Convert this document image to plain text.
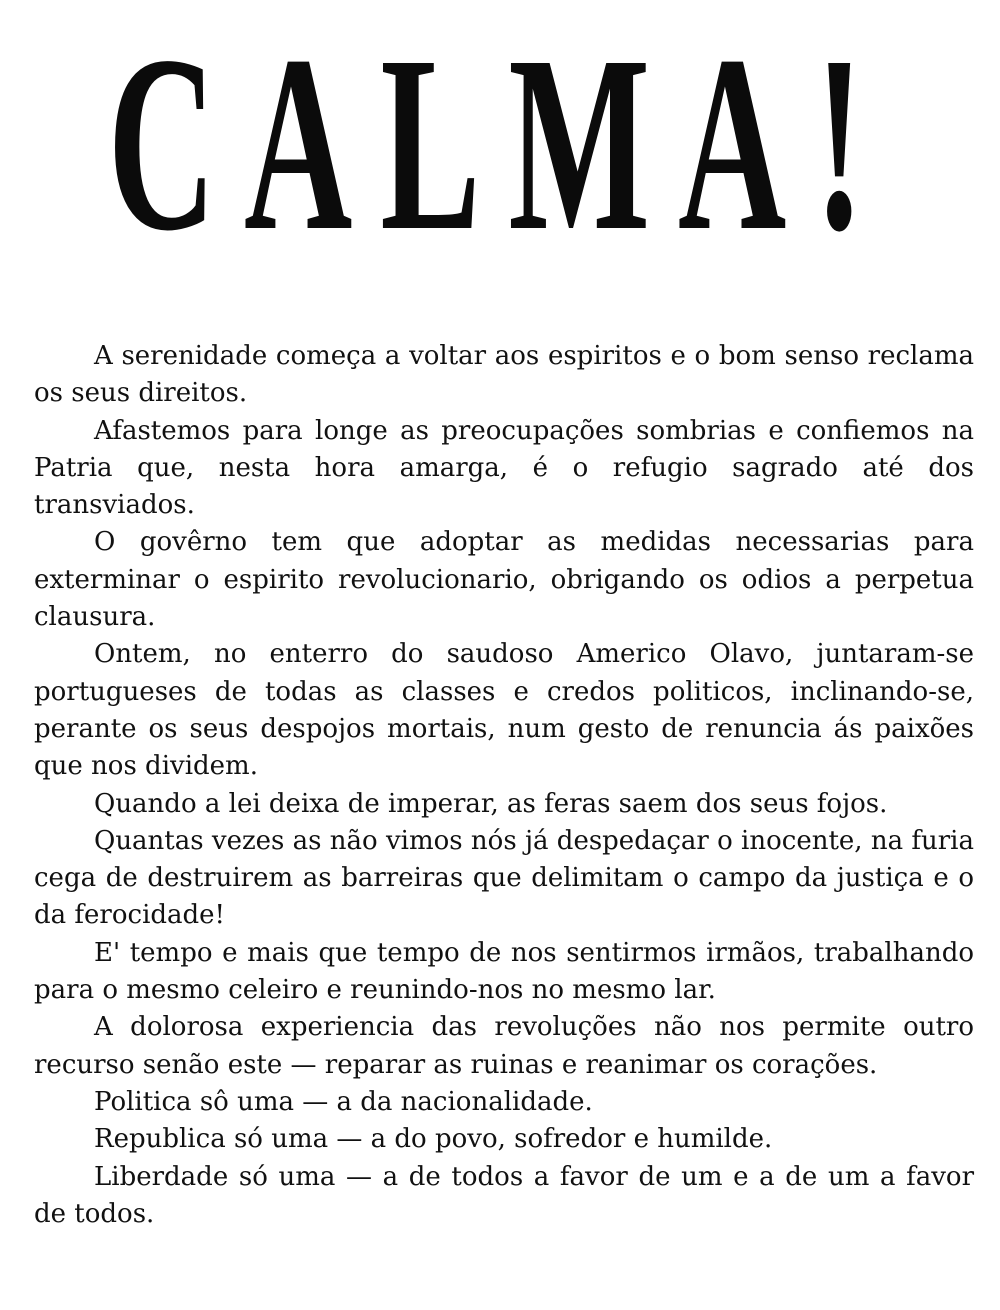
CALMA!

A serenidade começa a voltar aos espiritos e o bom senso reclama os seus direitos.

Afastemos para longe as preocupações sombrias e confiemos na Patria que, nesta hora amarga, é o refugio sagrado até dos transviados.

O govêrno tem que adoptar as medidas necessarias para exterminar o espirito revolucionario, obrigando os odios a perpetua clausura.

Ontem, no enterro do saudoso Americo Olavo, juntaram-se portugueses de todas as classes e credos politicos, inclinando-se, perante os seus despojos mortais, num gesto de renuncia ás paixões que nos dividem.

Quando a lei deixa de imperar, as feras saem dos seus fojos.

Quantas vezes as não vimos nós já despedaçar o inocente, na furia cega de destruirem as barreiras que delimitam o campo da justiça e o da ferocidade!

E' tempo e mais que tempo de nos sentirmos irmãos, trabalhando para o mesmo celeiro e reunindo-nos no mesmo lar.

A dolorosa experiencia das revoluções não nos permite outro recurso senão este — reparar as ruinas e reanimar os corações.

Politica sô uma — a da nacionalidade.

Republica só uma — a do povo, sofredor e humilde.

Liberdade só uma — a de todos a favor de um e a de um a favor de todos.
